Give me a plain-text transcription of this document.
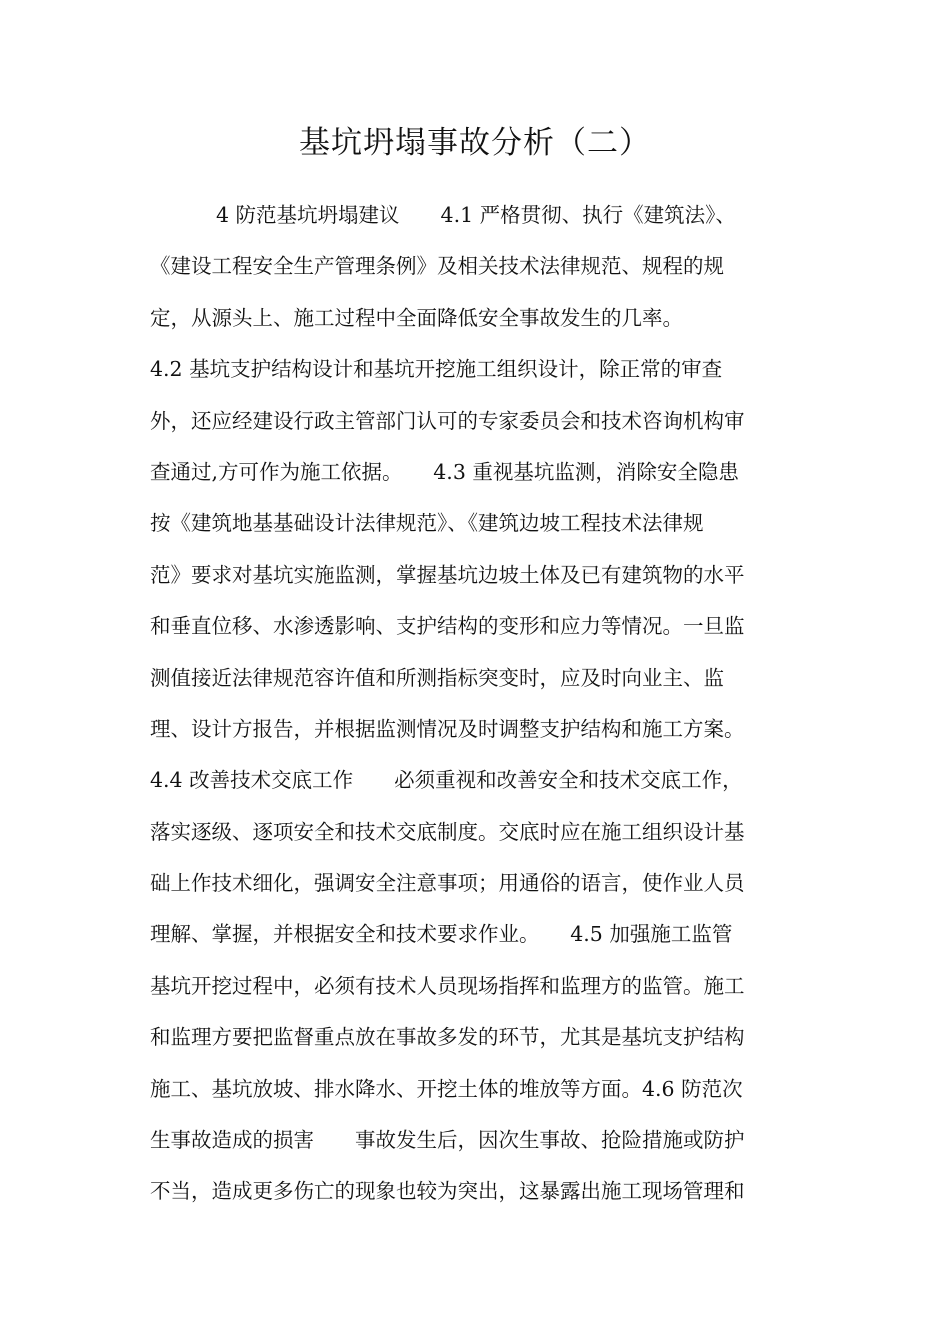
基坑坍塌事故分析（二）
4 防范基坑坍塌建议　　4.1 严格贯彻、执行《建筑法》、
《建设工程安全生产管理条例》及相关技术法律规范、规程的规
定，从源头上、施工过程中全面降低安全事故发生的几率。
4.2 基坑支护结构设计和基坑开挖施工组织设计，除正常的审查
外，还应经建设行政主管部门认可的专家委员会和技术咨询机构审
查通过,方可作为施工依据。　　4.3 重视基坑监测，消除安全隐患
按《建筑地基基础设计法律规范》、《建筑边坡工程技术法律规
范》要求对基坑实施监测，掌握基坑边坡土体及已有建筑物的水平
和垂直位移、水渗透影响、支护结构的变形和应力等情况。一旦监
测值接近法律规范容许值和所测指标突变时，应及时向业主、监
理、设计方报告，并根据监测情况及时调整支护结构和施工方案。
4.4 改善技术交底工作　　必须重视和改善安全和技术交底工作，
落实逐级、逐项安全和技术交底制度。交底时应在施工组织设计基
础上作技术细化，强调安全注意事项；用通俗的语言，使作业人员
理解、掌握，并根据安全和技术要求作业。　　4.5 加强施工监管
基坑开挖过程中，必须有技术人员现场指挥和监理方的监管。施工
和监理方要把监督重点放在事故多发的环节，尤其是基坑支护结构
施工、基坑放坡、排水降水、开挖土体的堆放等方面。4.6 防范次
生事故造成的损害　　事故发生后，因次生事故、抢险措施或防护
不当，造成更多伤亡的现象也较为突出，这暴露出施工现场管理和
